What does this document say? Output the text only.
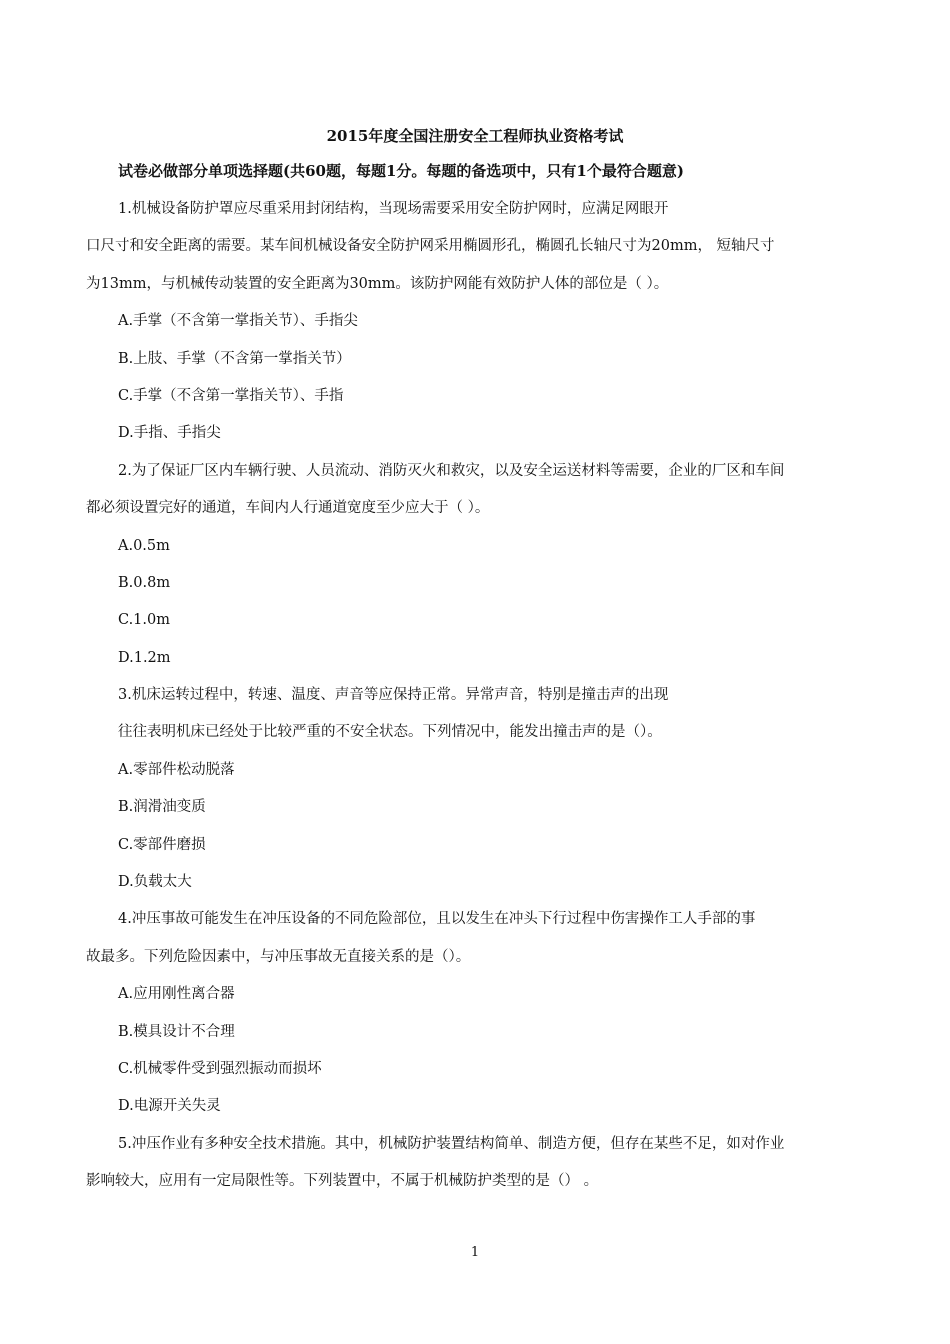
2015年度全国注册安全工程师执业资格考试
试卷必做部分单项选择题(共60题，每题1分。每题的备选项中，只有1个最符合题意)
1.机械设备防护罩应尽重采用封闭结构，当现场需要采用安全防护网时，应满足网眼开
口尺寸和安全距离的需要。某车间机械设备安全防护网采用椭圆形孔，椭圆孔长轴尺寸为20mm， 短轴尺寸
为13mm，与机械传动装置的安全距离为30mm。该防护网能有效防护人体的部位是（ ）。
A.手掌（不含第一掌指关节）、手指尖
B.上肢、手掌（不含第一掌指关节）
C.手掌（不含第一掌指关节）、手指
D.手指、手指尖
2.为了保证厂区内车辆行驶、人员流动、消防灭火和救灾，以及安全运送材料等需要，企业的厂区和车间
都必须设置完好的通道，车间内人行通道宽度至少应大于（ ）。
A.0.5m
B.0.8m
C.1.0m
D.1.2m
3.机床运转过程中，转速、温度、声音等应保持正常。异常声音，特别是撞击声的出现
往往表明机床已经处于比较严重的不安全状态。下列情况中，能发出撞击声的是（）。
A.零部件松动脱落
B.润滑油变质
C.零部件磨损
D.负载太大
4.冲压事故可能发生在冲压设备的不同危险部位，且以发生在冲头下行过程中伤害操作工人手部的事
故最多。下列危险因素中，与冲压事故无直接关系的是（）。
A.应用刚性离合器
B.模具设计不合理
C.机械零件受到强烈振动而损坏
D.电源开关失灵
5.冲压作业有多种安全技术措施。其中，机械防护装置结构简单、制造方便，但存在某些不足，如对作业
影响较大，应用有一定局限性等。下列装置中，不属于机械防护类型的是（） 。
1
